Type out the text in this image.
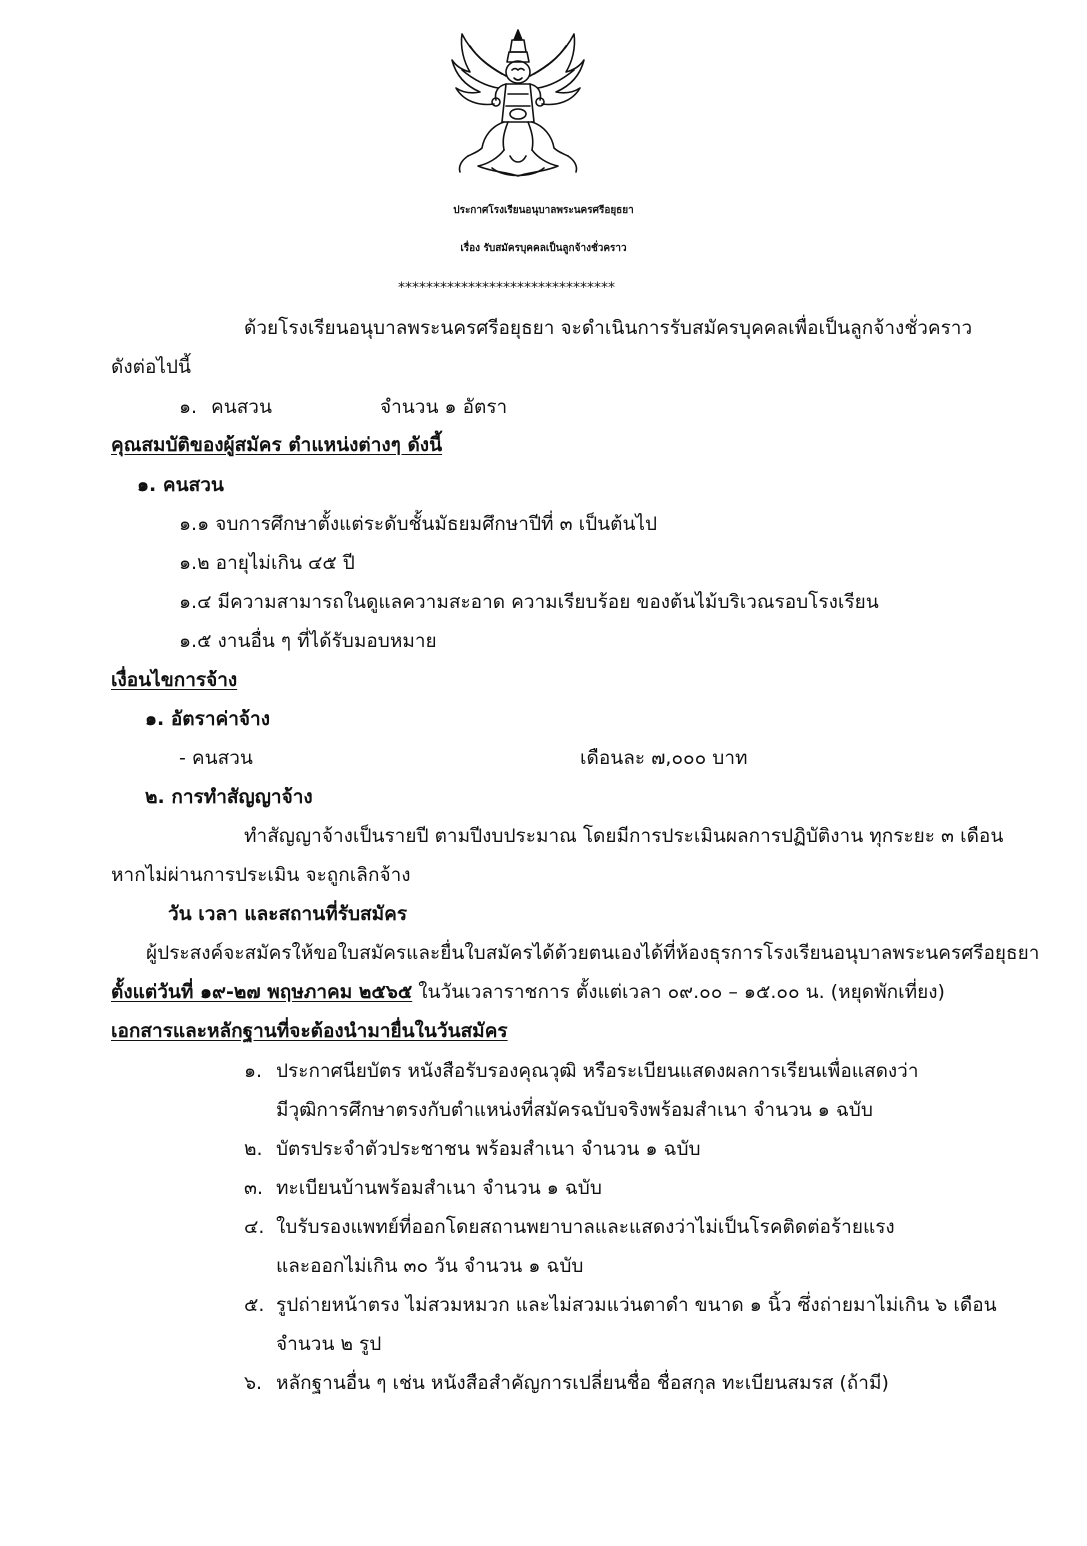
ประกาศโรงเรียนอนุบาลพระนครศรีอยุธยา

เรื่อง รับสมัครบุคคลเป็นลูกจ้างชั่วคราว

*******************************

ด้วยโรงเรียนอนุบาลพระนครศรีอยุธยา จะดำเนินการรับสมัครบุคคลเพื่อเป็นลูกจ้างชั่วคราว

ดังต่อไปนี้

๑. คนสวน	จำนวน ๑ อัตรา

คุณสมบัติของผู้สมัคร ตำแหน่งต่างๆ ดังนี้

๑. คนสวน

๑.๑ จบการศึกษาตั้งแต่ระดับชั้นมัธยมศึกษาปีที่ ๓ เป็นต้นไป

๑.๒ อายุไม่เกิน ๔๕ ปี

๑.๔ มีความสามารถในดูแลความสะอาด ความเรียบร้อย ของต้นไม้บริเวณรอบโรงเรียน

๑.๕ งานอื่น ๆ ที่ได้รับมอบหมาย

เงื่อนไขการจ้าง

๑. อัตราค่าจ้าง

- คนสวน	เดือนละ ๗,๐๐๐ บาท

๒. การทำสัญญาจ้าง

ทำสัญญาจ้างเป็นรายปี ตามปีงบประมาณ โดยมีการประเมินผลการปฏิบัติงาน ทุกระยะ ๓ เดือน

หากไม่ผ่านการประเมิน จะถูกเลิกจ้าง

วัน เวลา และสถานที่รับสมัคร

ผู้ประสงค์จะสมัครให้ขอใบสมัครและยื่นใบสมัครได้ด้วยตนเองได้ที่ห้องธุรการโรงเรียนอนุบาลพระนครศรีอยุธยา

ตั้งแต่วันที่ ๑๙-๒๗ พฤษภาคม ๒๕๖๕ ในวันเวลาราชการ ตั้งแต่เวลา ๐๙.๐๐ – ๑๕.๐๐ น. (หยุดพักเที่ยง)

เอกสารและหลักฐานที่จะต้องนำมายื่นในวันสมัคร

๑. ประกาศนียบัตร หนังสือรับรองคุณวุฒิ หรือระเบียนแสดงผลการเรียนเพื่อแสดงว่า

มีวุฒิการศึกษาตรงกับตำแหน่งที่สมัครฉบับจริงพร้อมสำเนา จำนวน ๑ ฉบับ

๒. บัตรประจำตัวประชาชน พร้อมสำเนา จำนวน ๑ ฉบับ

๓. ทะเบียนบ้านพร้อมสำเนา จำนวน ๑ ฉบับ

๔. ใบรับรองแพทย์ที่ออกโดยสถานพยาบาลและแสดงว่าไม่เป็นโรคติดต่อร้ายแรง

และออกไม่เกิน ๓๐ วัน จำนวน ๑ ฉบับ

๕. รูปถ่ายหน้าตรง ไม่สวมหมวก และไม่สวมแว่นตาดำ ขนาด ๑ นิ้ว ซึ่งถ่ายมาไม่เกิน ๖ เดือน

จำนวน ๒ รูป

๖. หลักฐานอื่น ๆ เช่น หนังสือสำคัญการเปลี่ยนชื่อ ชื่อสกุล ทะเบียนสมรส (ถ้ามี)
